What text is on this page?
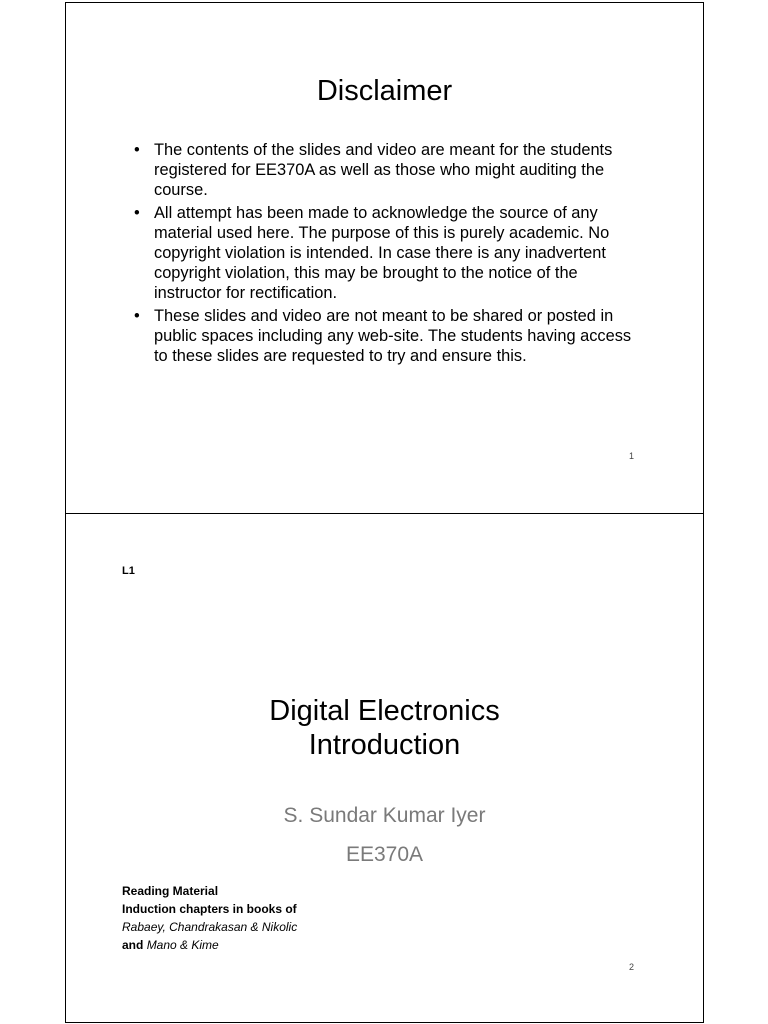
Disclaimer
• The contents of the slides and video are meant for the students registered for EE370A as well as those who might auditing the course.
• All attempt has been made to acknowledge the source of any material used here. The purpose of this is purely academic. No copyright violation is intended. In case there is any inadvertent copyright violation, this may be brought to the notice of the instructor for rectification.
• These slides and video are not meant to be shared or posted in public spaces including any web-site. The students having access to these slides are requested to try and ensure this.
1
L1
Digital Electronics
Introduction
S. Sundar Kumar Iyer
EE370A
Reading Material
Induction chapters in books of
Rabaey, Chandrakasan & Nikolic
and Mano & Kime
2
